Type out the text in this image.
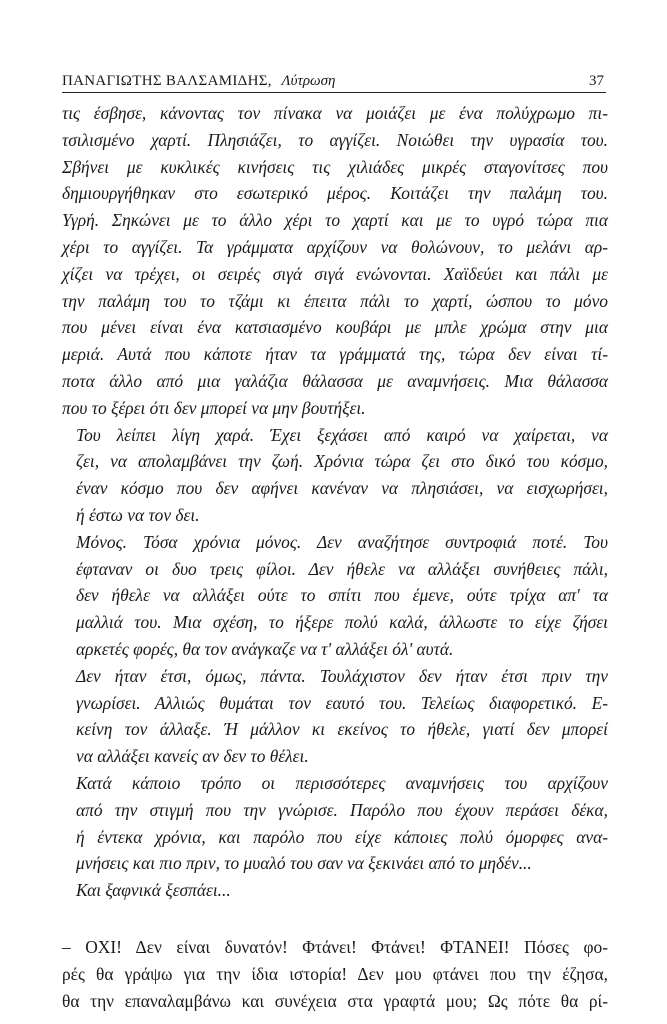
ΠΑΝΑΓΙΩΤΗΣ ΒΑΛΣΑΜΙΔΗΣ, Λύτρωση	37

τις έσβησε, κάνοντας τον πίνακα να μοιάζει με ένα πολύχρωμο πι-
τσιλισμένο χαρτί. Πλησιάζει, το αγγίζει. Νοιώθει την υγρασία του.
Σβήνει με κυκλικές κινήσεις τις χιλιάδες μικρές σταγονίτσες που
δημιουργήθηκαν στο εσωτερικό μέρος. Κοιτάζει την παλάμη του.
Υγρή. Σηκώνει με το άλλο χέρι το χαρτί και με το υγρό τώρα πια
χέρι το αγγίζει. Τα γράμματα αρχίζουν να θολώνουν, το μελάνι αρ-
χίζει να τρέχει, οι σειρές σιγά σιγά ενώνονται. Χαϊδεύει και πάλι με
την παλάμη του το τζάμι κι έπειτα πάλι το χαρτί, ώσπου το μόνο
που μένει είναι ένα κατσιασμένο κουβάρι με μπλε χρώμα στην μια
μεριά. Αυτά που κάποτε ήταν τα γράμματά της, τώρα δεν είναι τί-
ποτα άλλο από μια γαλάζια θάλασσα με αναμνήσεις. Μια θάλασσα
που το ξέρει ότι δεν μπορεί να μην βουτήξει.

Του λείπει λίγη χαρά. Έχει ξεχάσει από καιρό να χαίρεται, να
ζει, να απολαμβάνει την ζωή. Χρόνια τώρα ζει στο δικό του κόσμο,
έναν κόσμο που δεν αφήνει κανέναν να πλησιάσει, να εισχωρήσει,
ή έστω να τον δει.

Μόνος. Τόσα χρόνια μόνος. Δεν αναζήτησε συντροφιά ποτέ. Του
έφταναν οι δυο τρεις φίλοι. Δεν ήθελε να αλλάξει συνήθειες πάλι,
δεν ήθελε να αλλάξει ούτε το σπίτι που έμενε, ούτε τρίχα απ' τα
μαλλιά του. Μια σχέση, το ήξερε πολύ καλά, άλλωστε το είχε ζήσει
αρκετές φορές, θα τον ανάγκαζε να τ' αλλάξει όλ' αυτά.

Δεν ήταν έτσι, όμως, πάντα. Τουλάχιστον δεν ήταν έτσι πριν την
γνωρίσει. Αλλιώς θυμάται τον εαυτό του. Τελείως διαφορετικό. Ε-
κείνη τον άλλαξε. Ή μάλλον κι εκείνος το ήθελε, γιατί δεν μπορεί
να αλλάξει κανείς αν δεν το θέλει.

Κατά κάποιο τρόπο οι περισσότερες αναμνήσεις του αρχίζουν
από την στιγμή που την γνώρισε. Παρόλο που έχουν περάσει δέκα,
ή έντεκα χρόνια, και παρόλο που είχε κάποιες πολύ όμορφες ανα-
μνήσεις και πιο πριν, το μυαλό του σαν να ξεκινάει από το μηδέν...

Και ξαφνικά ξεσπάει...

– ΟΧΙ! Δεν είναι δυνατόν! Φτάνει! Φτάνει! ΦΤΑΝΕΙ! Πόσες φο-
ρές θα γράψω για την ίδια ιστορία! Δεν μου φτάνει που την έζησα,
θα την επαναλαμβάνω και συνέχεια στα γραφτά μου; Ως πότε θα ρί-
